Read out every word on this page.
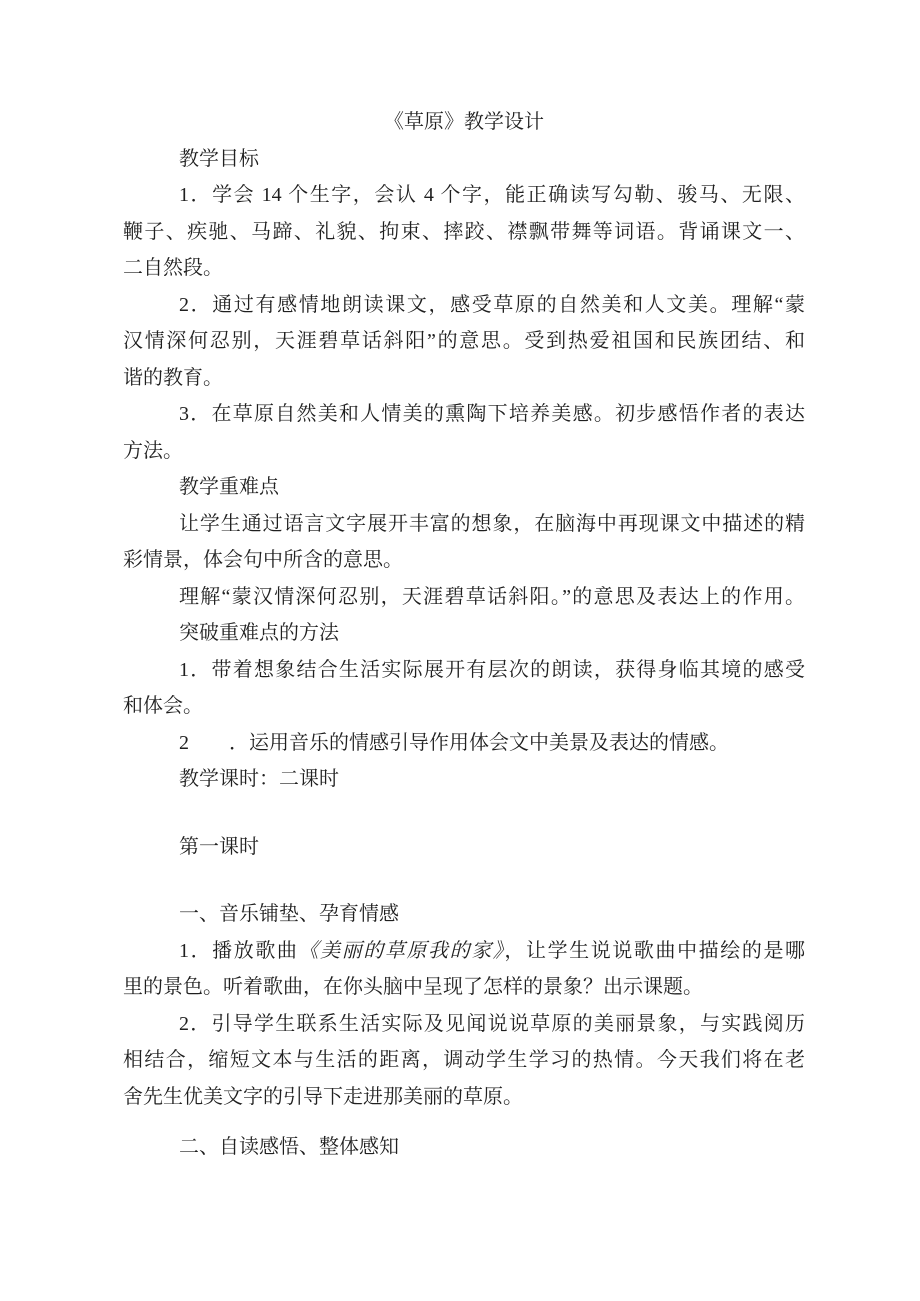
《草原》教学设计
教学目标
1．学会 14 个生字，会认 4 个字，能正确读写勾勒、骏马、无限、
鞭子、疾驰、马蹄、礼貌、拘束、摔跤、襟飘带舞等词语。背诵课文一、
二自然段。
2．通过有感情地朗读课文，感受草原的自然美和人文美。理解“蒙
汉情深何忍别，天涯碧草话斜阳”的意思。受到热爱祖国和民族团结、和
谐的教育。
3．在草原自然美和人情美的熏陶下培养美感。初步感悟作者的表达
方法。
教学重难点
让学生通过语言文字展开丰富的想象，在脑海中再现课文中描述的精
彩情景，体会句中所含的意思。
理解“蒙汉情深何忍别，天涯碧草话斜阳。”的意思及表达上的作用。
突破重难点的方法
1．带着想象结合生活实际展开有层次的朗读，获得身临其境的感受
和体会。
2　　．运用音乐的情感引导作用体会文中美景及表达的情感。
教学课时：二课时
第一课时
一、音乐铺垫、孕育情感
1．播放歌曲《美丽的草原我的家》，让学生说说歌曲中描绘的是哪
里的景色。听着歌曲，在你头脑中呈现了怎样的景象？出示课题。
2．引导学生联系生活实际及见闻说说草原的美丽景象，与实践阅历
相结合，缩短文本与生活的距离，调动学生学习的热情。今天我们将在老
舍先生优美文字的引导下走进那美丽的草原。
二、自读感悟、整体感知
